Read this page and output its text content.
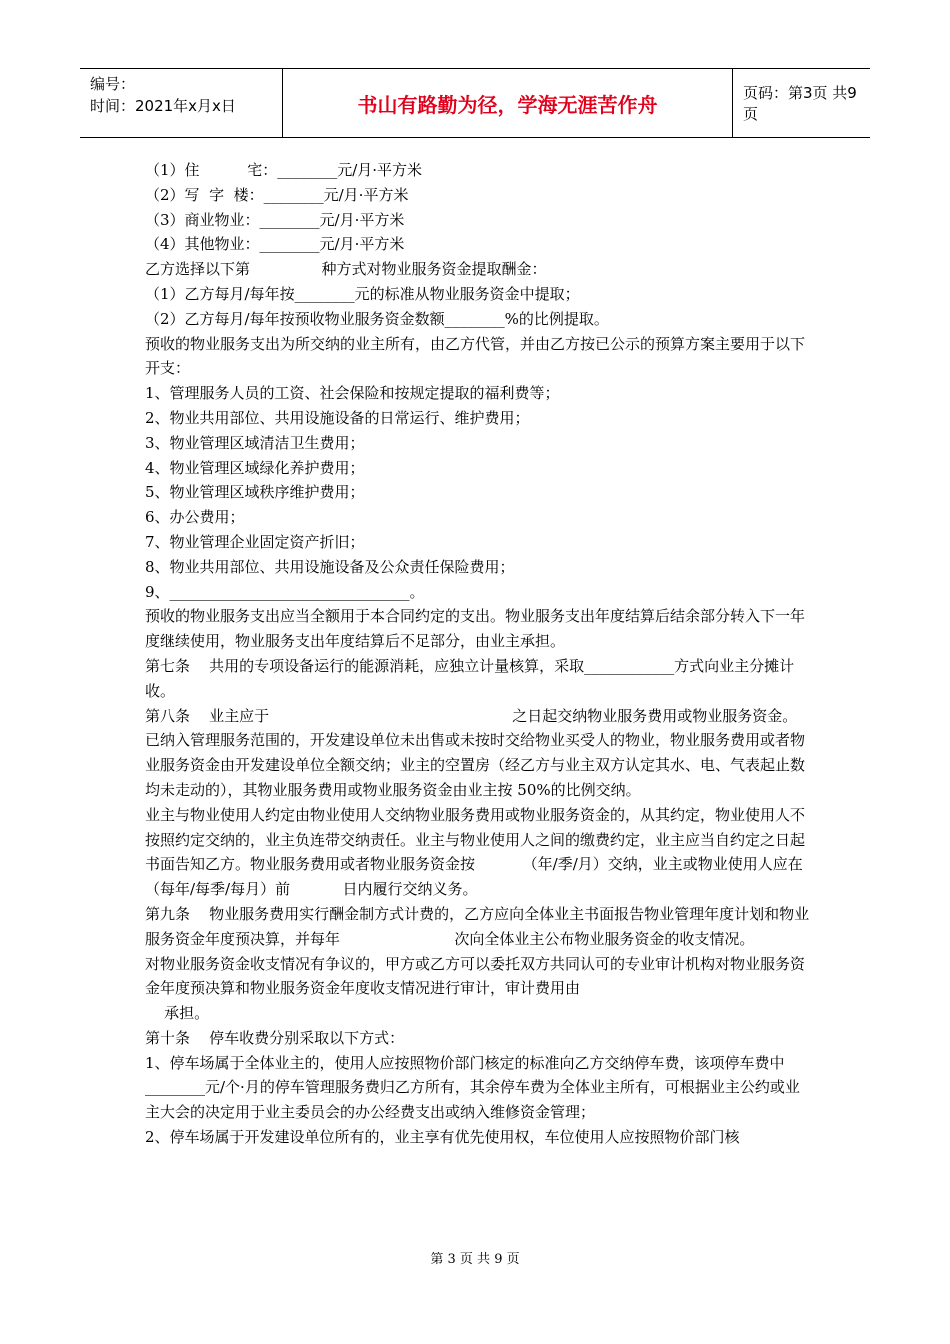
编号：
时间：2021年x月x日	书山有路勤为径，学海无涯苦作舟	页码：第3页 共9页

（1）住          宅：________元/月·平方米

（2）写  字  楼：________元/月·平方米

（3）商业物业：________元/月·平方米

（4）其他物业：________元/月·平方米

乙方选择以下第               种方式对物业服务资金提取酬金：

（1）乙方每月/每年按________元的标准从物业服务资金中提取；

（2）乙方每月/每年按预收物业服务资金数额________%的比例提取。

预收的物业服务支出为所交纳的业主所有，由乙方代管，并由乙方按已公示的预算方案主要用于以下开支：

1、管理服务人员的工资、社会保险和按规定提取的福利费等；

2、物业共用部位、共用设施设备的日常运行、维护费用；

3、物业管理区域清洁卫生费用；

4、物业管理区域绿化养护费用；

5、物业管理区域秩序维护费用；

6、办公费用；

7、物业管理企业固定资产折旧；

8、物业共用部位、共用设施设备及公众责任保险费用；

9、________________________________。

预收的物业服务支出应当全额用于本合同约定的支出。物业服务支出年度结算后结余部分转入下一年度继续使用，物业服务支出年度结算后不足部分，由业主承担。

第七条    共用的专项设备运行的能源消耗，应独立计量核算，采取____________方式向业主分摊计收。

第八条    业主应于                                                   之日起交纳物业服务费用或物业服务资金。

已纳入管理服务范围的，开发建设单位未出售或未按时交给物业买受人的物业，物业服务费用或者物业服务资金由开发建设单位全额交纳；业主的空置房（经乙方与业主双方认定其水、电、气表起止数均未走动的），其物业服务费用或物业服务资金由业主按 50%的比例交纳。

业主与物业使用人约定由物业使用人交纳物业服务费用或物业服务资金的，从其约定，物业使用人不按照约定交纳的，业主负连带交纳责任。业主与物业使用人之间的缴费约定，业主应当自约定之日起书面告知乙方。物业服务费用或者物业服务资金按          （年/季/月）交纳，业主或物业使用人应在（每年/每季/每月）前           日内履行交纳义务。

第九条    物业服务费用实行酬金制方式计费的，乙方应向全体业主书面报告物业管理年度计划和物业服务资金年度预决算，并每年                        次向全体业主公布物业服务资金的收支情况。

对物业服务资金收支情况有争议的，甲方或乙方可以委托双方共同认可的专业审计机构对物业服务资金年度预决算和物业服务资金年度收支情况进行审计，审计费用由

承担。

第十条    停车收费分别采取以下方式：

1、停车场属于全体业主的，使用人应按照物价部门核定的标准向乙方交纳停车费，该项停车费中________元/个·月的停车管理服务费归乙方所有，其余停车费为全体业主所有，可根据业主公约或业主大会的决定用于业主委员会的办公经费支出或纳入维修资金管理；

2、停车场属于开发建设单位所有的，业主享有优先使用权，车位使用人应按照物价部门核

第 3 页 共 9 页
